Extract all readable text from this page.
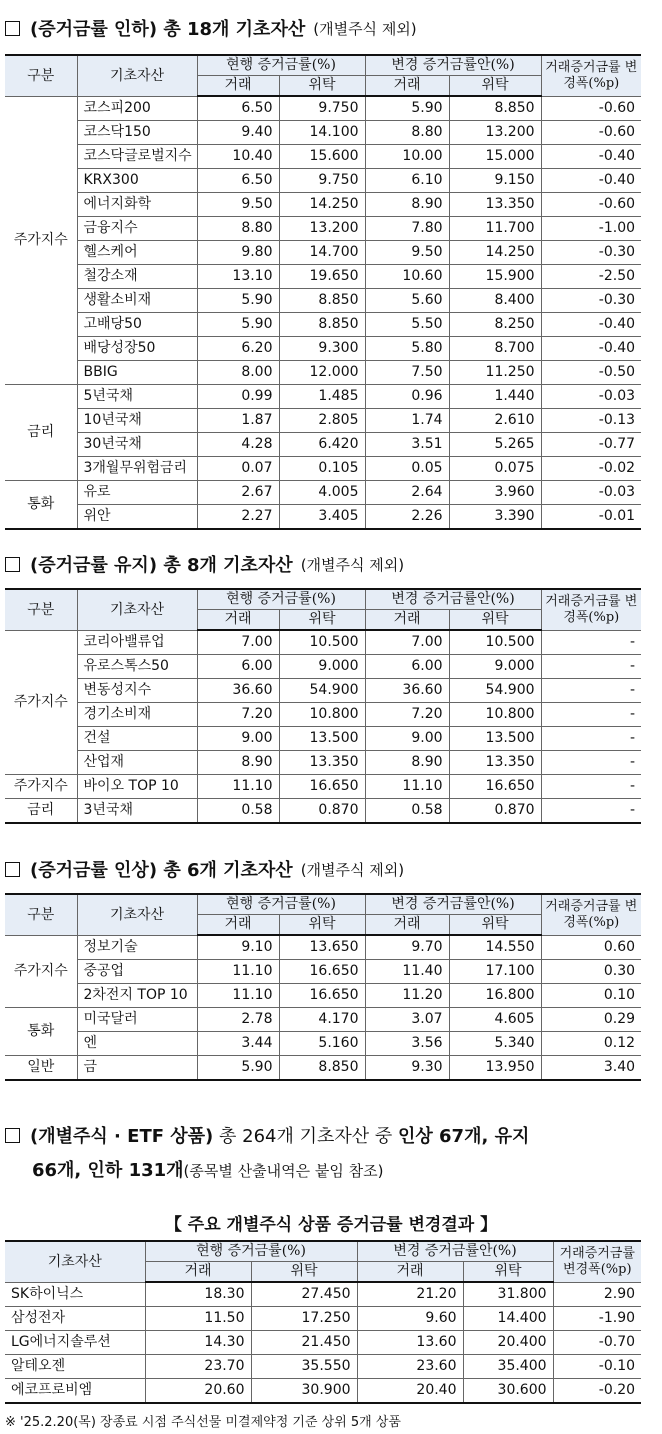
(증거금률 인하) 총 18개 기초자산 (개별주식 제외)
구분	기초자산	현행 증거금률(%)		변경 증거금률안(%)		거래증거금률 변경폭(%p)
		거래	위탁	거래	위탁	
주가지수	코스피200	6.50	9.750	5.90	8.850	-0.60
	코스닥150	9.40	14.100	8.80	13.200	-0.60
	코스닥글로벌지수	10.40	15.600	10.00	15.000	-0.40
	KRX300	6.50	9.750	6.10	9.150	-0.40
	에너지화학	9.50	14.250	8.90	13.350	-0.60
	금융지수	8.80	13.200	7.80	11.700	-1.00
	헬스케어	9.80	14.700	9.50	14.250	-0.30
	철강소재	13.10	19.650	10.60	15.900	-2.50
	생활소비재	5.90	8.850	5.60	8.400	-0.30
	고배당50	5.90	8.850	5.50	8.250	-0.40
	배당성장50	6.20	9.300	5.80	8.700	-0.40
	BBIG	8.00	12.000	7.50	11.250	-0.50
금리	5년국채	0.99	1.485	0.96	1.440	-0.03
	10년국채	1.87	2.805	1.74	2.610	-0.13
	30년국채	4.28	6.420	3.51	5.265	-0.77
	3개월무위험금리	0.07	0.105	0.05	0.075	-0.02
통화	유로	2.67	4.005	2.64	3.960	-0.03
	위안	2.27	3.405	2.26	3.390	-0.01
(증거금률 유지) 총 8개 기초자산 (개별주식 제외)
구분	기초자산	현행 증거금률(%)		변경 증거금률안(%)		거래증거금률 변경폭(%p)
		거래	위탁	거래	위탁	
주가지수	코리아밸류업	7.00	10.500	7.00	10.500	-
	유로스톡스50	6.00	9.000	6.00	9.000	-
	변동성지수	36.60	54.900	36.60	54.900	-
	경기소비재	7.20	10.800	7.20	10.800	-
	건설	9.00	13.500	9.00	13.500	-
	산업재	8.90	13.350	8.90	13.350	-
주가지수	바이오 TOP 10	11.10	16.650	11.10	16.650	-
금리	3년국채	0.58	0.870	0.58	0.870	-
(증거금률 인상) 총 6개 기초자산 (개별주식 제외)
구분	기초자산	현행 증거금률(%)		변경 증거금률안(%)		거래증거금률 변경폭(%p)
		거래	위탁	거래	위탁	
주가지수	정보기술	9.10	13.650	9.70	14.550	0.60
	중공업	11.10	16.650	11.40	17.100	0.30
	2차전지 TOP 10	11.10	16.650	11.20	16.800	0.10
통화	미국달러	2.78	4.170	3.07	4.605	0.29
	엔	3.44	5.160	3.56	5.340	0.12
일반	금	5.90	8.850	9.30	13.950	3.40
(개별주식 · ETF 상품) 총 264개 기초자산 중 인상 67개, 유지
66개, 인하 131개(종목별 산출내역은 붙임 참조)
【 주요 개별주식 상품 증거금률 변경결과 】
기초자산	현행 증거금률(%)		변경 증거금률안(%)		거래증거금률 변경폭(%p)
	거래	위탁	거래	위탁	
SK하이닉스	18.30	27.450	21.20	31.800	2.90
삼성전자	11.50	17.250	9.60	14.400	-1.90
LG에너지솔루션	14.30	21.450	13.60	20.400	-0.70
알테오젠	23.70	35.550	23.60	35.400	-0.10
에코프로비엠	20.60	30.900	20.40	30.600	-0.20
※ '25.2.20(목) 장종료 시점 주식선물 미결제약정 기준 상위 5개 상품
